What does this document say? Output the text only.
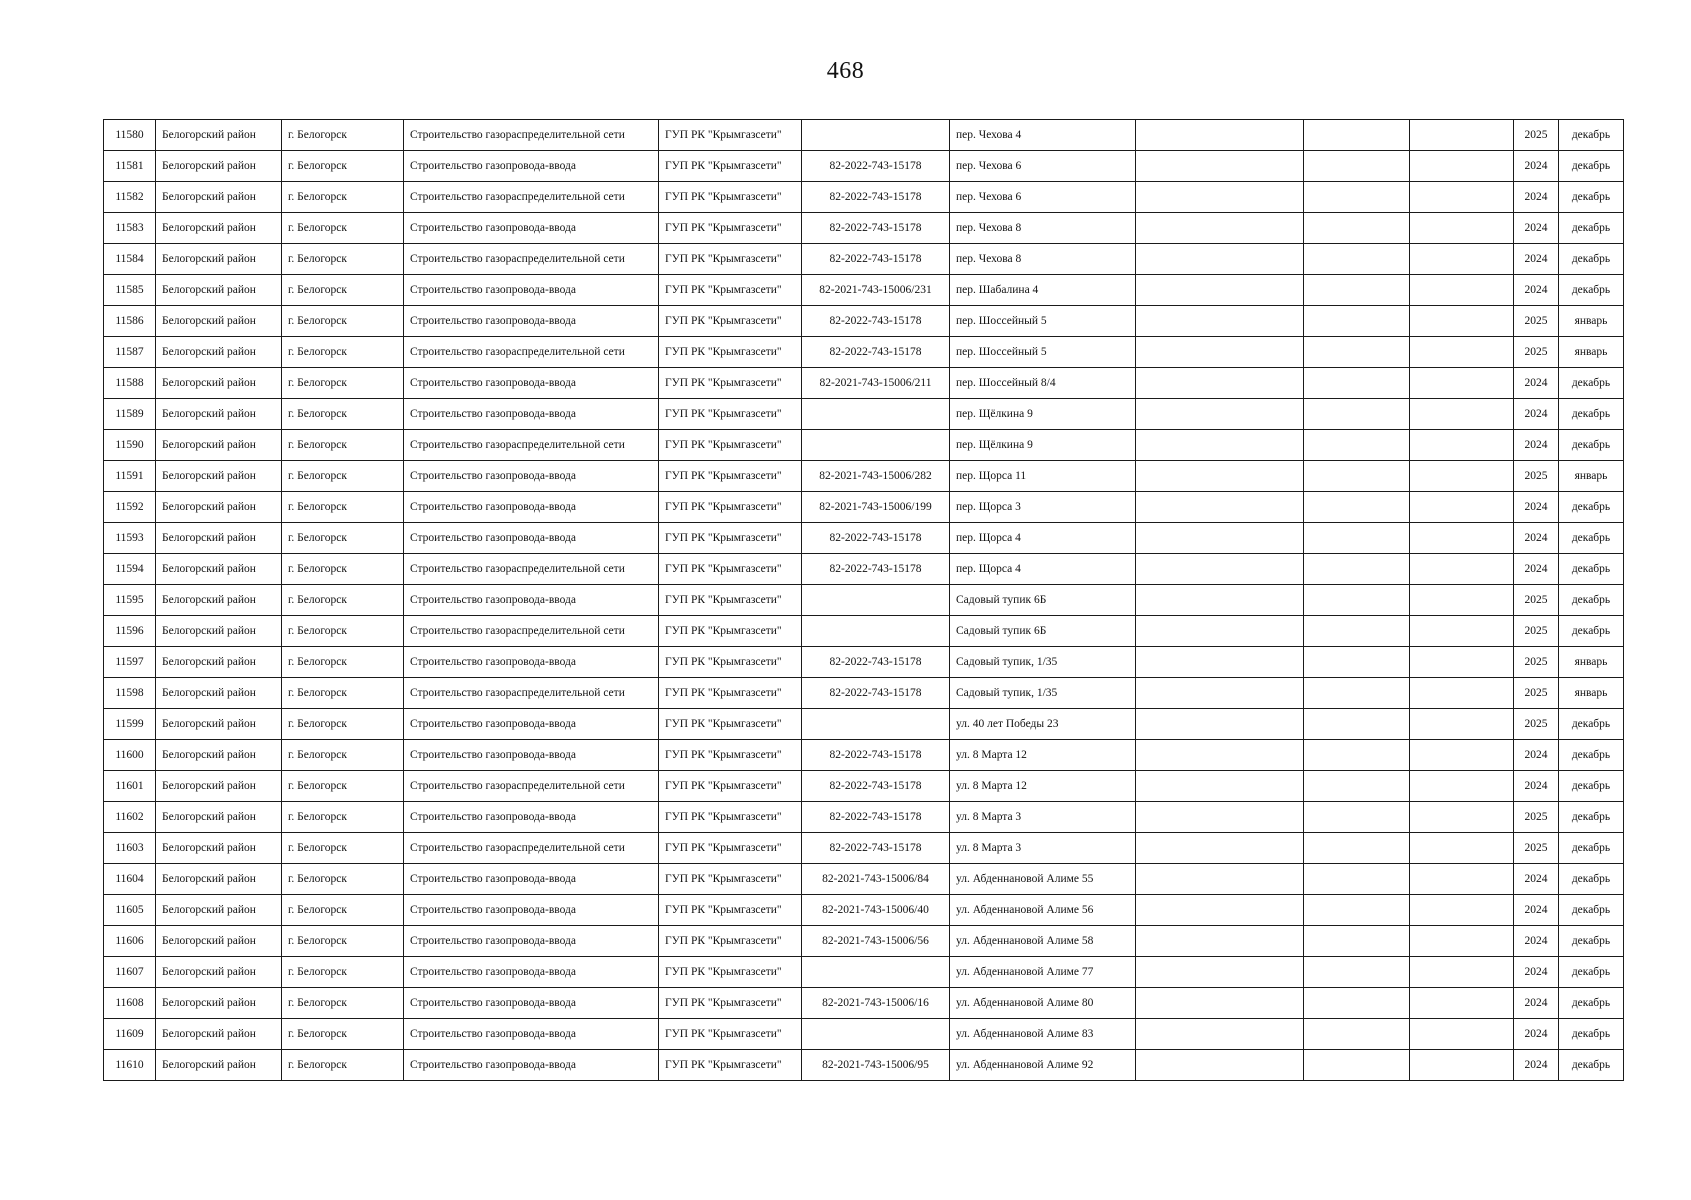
468
11580	Белогорский район	г. Белогорск	Строительство газораспределительной сети	ГУП РК "Крымгазсети"		пер. Чехова 4				2025	декабрь
11581	Белогорский район	г. Белогорск	Строительство газопровода-ввода	ГУП РК "Крымгазсети"	82-2022-743-15178	пер. Чехова 6				2024	декабрь
11582	Белогорский район	г. Белогорск	Строительство газораспределительной сети	ГУП РК "Крымгазсети"	82-2022-743-15178	пер. Чехова 6				2024	декабрь
11583	Белогорский район	г. Белогорск	Строительство газопровода-ввода	ГУП РК "Крымгазсети"	82-2022-743-15178	пер. Чехова 8				2024	декабрь
11584	Белогорский район	г. Белогорск	Строительство газораспределительной сети	ГУП РК "Крымгазсети"	82-2022-743-15178	пер. Чехова 8				2024	декабрь
11585	Белогорский район	г. Белогорск	Строительство газопровода-ввода	ГУП РК "Крымгазсети"	82-2021-743-15006/231	пер. Шабалина 4				2024	декабрь
11586	Белогорский район	г. Белогорск	Строительство газопровода-ввода	ГУП РК "Крымгазсети"	82-2022-743-15178	пер. Шоссейный 5				2025	январь
11587	Белогорский район	г. Белогорск	Строительство газораспределительной сети	ГУП РК "Крымгазсети"	82-2022-743-15178	пер. Шоссейный 5				2025	январь
11588	Белогорский район	г. Белогорск	Строительство газопровода-ввода	ГУП РК "Крымгазсети"	82-2021-743-15006/211	пер. Шоссейный 8/4				2024	декабрь
11589	Белогорский район	г. Белогорск	Строительство газопровода-ввода	ГУП РК "Крымгазсети"		пер. Щёлкина 9				2024	декабрь
11590	Белогорский район	г. Белогорск	Строительство газораспределительной сети	ГУП РК "Крымгазсети"		пер. Щёлкина 9				2024	декабрь
11591	Белогорский район	г. Белогорск	Строительство газопровода-ввода	ГУП РК "Крымгазсети"	82-2021-743-15006/282	пер. Щорса 11				2025	январь
11592	Белогорский район	г. Белогорск	Строительство газопровода-ввода	ГУП РК "Крымгазсети"	82-2021-743-15006/199	пер. Щорса 3				2024	декабрь
11593	Белогорский район	г. Белогорск	Строительство газопровода-ввода	ГУП РК "Крымгазсети"	82-2022-743-15178	пер. Щорса 4				2024	декабрь
11594	Белогорский район	г. Белогорск	Строительство газораспределительной сети	ГУП РК "Крымгазсети"	82-2022-743-15178	пер. Щорса 4				2024	декабрь
11595	Белогорский район	г. Белогорск	Строительство газопровода-ввода	ГУП РК "Крымгазсети"		Садовый тупик 6Б				2025	декабрь
11596	Белогорский район	г. Белогорск	Строительство газораспределительной сети	ГУП РК "Крымгазсети"		Садовый тупик 6Б				2025	декабрь
11597	Белогорский район	г. Белогорск	Строительство газопровода-ввода	ГУП РК "Крымгазсети"	82-2022-743-15178	Садовый тупик, 1/35				2025	январь
11598	Белогорский район	г. Белогорск	Строительство газораспределительной сети	ГУП РК "Крымгазсети"	82-2022-743-15178	Садовый тупик, 1/35				2025	январь
11599	Белогорский район	г. Белогорск	Строительство газопровода-ввода	ГУП РК "Крымгазсети"		ул. 40 лет Победы 23				2025	декабрь
11600	Белогорский район	г. Белогорск	Строительство газопровода-ввода	ГУП РК "Крымгазсети"	82-2022-743-15178	ул. 8 Марта 12				2024	декабрь
11601	Белогорский район	г. Белогорск	Строительство газораспределительной сети	ГУП РК "Крымгазсети"	82-2022-743-15178	ул. 8 Марта 12				2024	декабрь
11602	Белогорский район	г. Белогорск	Строительство газопровода-ввода	ГУП РК "Крымгазсети"	82-2022-743-15178	ул. 8 Марта 3				2025	декабрь
11603	Белогорский район	г. Белогорск	Строительство газораспределительной сети	ГУП РК "Крымгазсети"	82-2022-743-15178	ул. 8 Марта 3				2025	декабрь
11604	Белогорский район	г. Белогорск	Строительство газопровода-ввода	ГУП РК "Крымгазсети"	82-2021-743-15006/84	ул. Абденнановой Алиме 55				2024	декабрь
11605	Белогорский район	г. Белогорск	Строительство газопровода-ввода	ГУП РК "Крымгазсети"	82-2021-743-15006/40	ул. Абденнановой Алиме 56				2024	декабрь
11606	Белогорский район	г. Белогорск	Строительство газопровода-ввода	ГУП РК "Крымгазсети"	82-2021-743-15006/56	ул. Абденнановой Алиме 58				2024	декабрь
11607	Белогорский район	г. Белогорск	Строительство газопровода-ввода	ГУП РК "Крымгазсети"		ул. Абденнановой Алиме 77				2024	декабрь
11608	Белогорский район	г. Белогорск	Строительство газопровода-ввода	ГУП РК "Крымгазсети"	82-2021-743-15006/16	ул. Абденнановой Алиме 80				2024	декабрь
11609	Белогорский район	г. Белогорск	Строительство газопровода-ввода	ГУП РК "Крымгазсети"		ул. Абденнановой Алиме 83				2024	декабрь
11610	Белогорский район	г. Белогорск	Строительство газопровода-ввода	ГУП РК "Крымгазсети"	82-2021-743-15006/95	ул. Абденнановой Алиме 92				2024	декабрь
